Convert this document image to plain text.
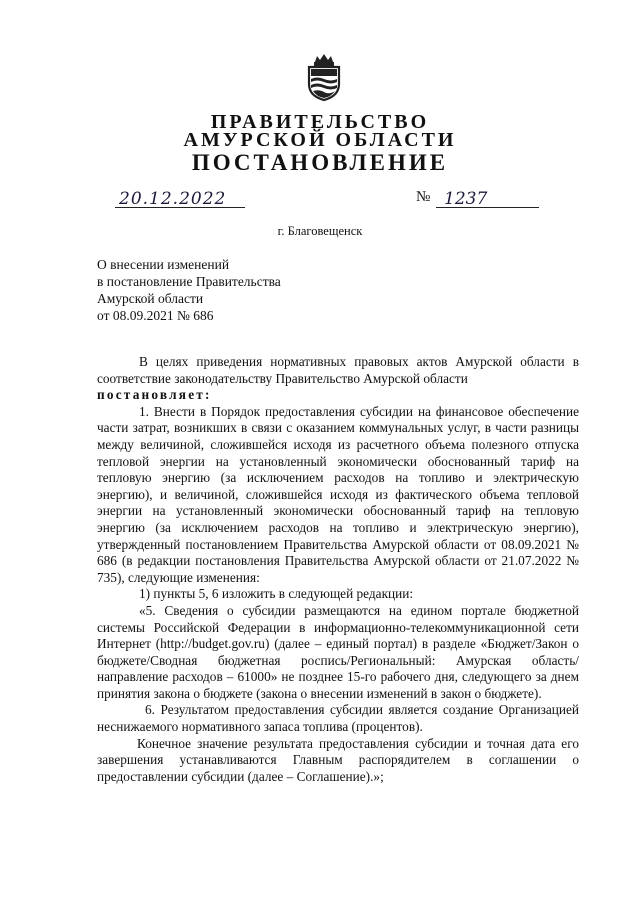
ПРАВИТЕЛЬСТВО
АМУРСКОЙ ОБЛАСТИ
ПОСТАНОВЛЕНИЕ
20.12.2022	№ 1237
г. Благовещенск
О внесении изменений
в постановление Правительства
Амурской области
от 08.09.2021 № 686

В целях приведения нормативных правовых актов Амурской области в соответствие законодательству Правительство Амурской области

постановляет:

1. Внести в Порядок предоставления субсидии на финансовое обеспечение части затрат, возникших в связи с оказанием коммунальных услуг, в части разницы между величиной, сложившейся исходя из расчетного объема полезного отпуска тепловой энергии на установленный экономически обоснованный тариф на тепловую энергию (за исключением расходов на топливо и электрическую энергию), и величиной, сложившейся исходя из фактического объема тепловой энергии на установленный экономически обоснованный тариф на тепловую энергию (за исключением расходов на топливо и электрическую энергию), утвержденный постановлением Правительства Амурской области от 08.09.2021 № 686 (в редакции постановления Правительства Амурской области от 21.07.2022 № 735), следующие изменения:

1) пункты 5, 6 изложить в следующей редакции:

«5. Сведения о субсидии размещаются на едином портале бюджетной системы Российской Федерации в информационно-телекоммуникационной сети Интернет (http://budget.gov.ru) (далее – единый портал) в разделе «Бюджет/Закон о бюджете/Сводная бюджетная роспись/Региональный: Амурская область/направление расходов – 61000» не позднее 15-го рабочего дня, следующего за днем принятия закона о бюджете (закона о внесении изменений в закон о бюджете).

6. Результатом предоставления субсидии является создание Организацией неснижаемого нормативного запаса топлива (процентов).

Конечное значение результата предоставления субсидии и точная дата его завершения устанавливаются Главным распорядителем в соглашении о предоставлении субсидии (далее – Соглашение).»;
